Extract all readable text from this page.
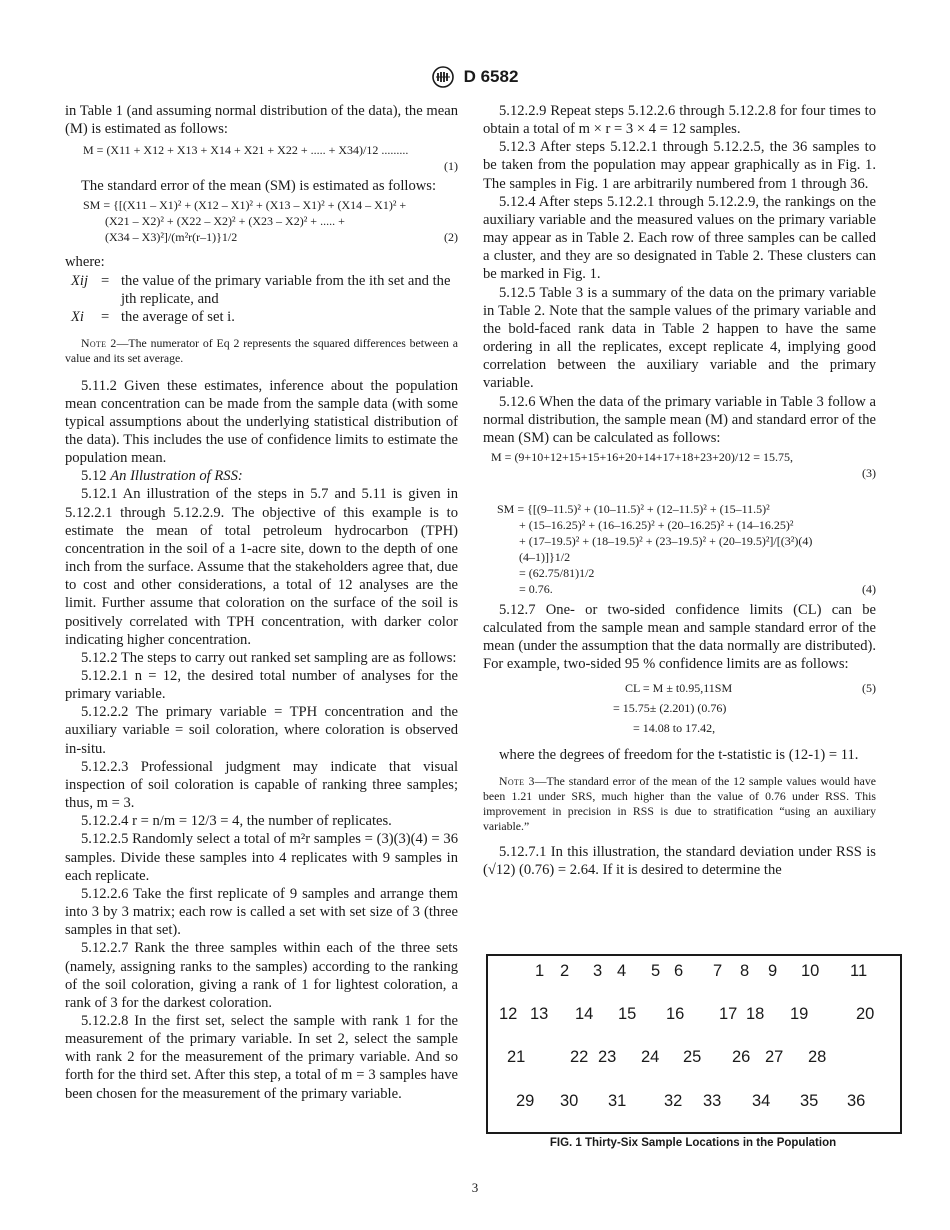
D 6582

in Table 1 (and assuming normal distribution of the data), the mean (M) is estimated as follows:

M = (X11 + X12 + X13 + X14 + X21 + X22 + ..... + X34)/12 .........
(1)

The standard error of the mean (SM) is estimated as follows:

SM = {[(X11 – X1)² + (X12 – X1)² + (X13 – X1)² + (X14 – X1)² +
(X21 – X2)² + (X22 – X2)² + (X23 – X2)² + ..... +
(X34 – X3)²]/(m²r(r–1)}1/2	(2)

where:

Xij = the value of the primary variable from the ith set and the jth replicate, and
Xi = the average of set i.

Note 2—The numerator of Eq 2 represents the squared differences between a value and its set average.

5.11.2 Given these estimates, inference about the population mean concentration can be made from the sample data (with some typical assumptions about the underlying statistical distribution of the data). This includes the use of confidence limits to estimate the population mean.

5.12 An Illustration of RSS:

5.12.1 An illustration of the steps in 5.7 and 5.11 is given in 5.12.2.1 through 5.12.2.9. The objective of this example is to estimate the mean of total petroleum hydrocarbon (TPH) concentration in the soil of a 1-acre site, down to the depth of one inch from the surface. Assume that the stakeholders agree that, due to cost and other considerations, a total of 12 analyses are the limit. Further assume that coloration on the surface of the soil is positively correlated with TPH concentration, with darker color indicating higher concentration.

5.12.2 The steps to carry out ranked set sampling are as follows:

5.12.2.1 n = 12, the desired total number of analyses for the primary variable.

5.12.2.2 The primary variable = TPH concentration and the auxiliary variable = soil coloration, where coloration is observed in-situ.

5.12.2.3 Professional judgment may indicate that visual inspection of soil coloration is capable of ranking three samples; thus, m = 3.

5.12.2.4 r = n/m = 12/3 = 4, the number of replicates.

5.12.2.5 Randomly select a total of m²r samples = (3)(3)(4) = 36 samples. Divide these samples into 4 replicates with 9 samples in each replicate.

5.12.2.6 Take the first replicate of 9 samples and arrange them into 3 by 3 matrix; each row is called a set with set size of 3 (three samples in that set).

5.12.2.7 Rank the three samples within each of the three sets (namely, assigning ranks to the samples) according to the ranking of the soil coloration, giving a rank of 1 for lightest coloration, a rank of 3 for the darkest coloration.

5.12.2.8 In the first set, select the sample with rank 1 for the measurement of the primary variable. In set 2, select the sample with rank 2 for the measurement of the primary variable. And so forth for the third set. After this step, a total of m = 3 samples have been chosen for the measurement of the primary variable.

5.12.2.9 Repeat steps 5.12.2.6 through 5.12.2.8 for four times to obtain a total of m × r = 3 × 4 = 12 samples.

5.12.3 After steps 5.12.2.1 through 5.12.2.5, the 36 samples to be taken from the population may appear graphically as in Fig. 1. The samples in Fig. 1 are arbitrarily numbered from 1 through 36.

5.12.4 After steps 5.12.2.1 through 5.12.2.9, the rankings on the auxiliary variable and the measured values on the primary variable may appear as in Table 2. Each row of three samples can be called a cluster, and they are so designated in Table 2. These clusters can be marked in Fig. 1.

5.12.5 Table 3 is a summary of the data on the primary variable in Table 2. Note that the sample values of the primary variable and the bold-faced rank data in Table 2 happen to have the same ordering in all the replicates, except replicate 4, implying good correlation between the auxiliary variable and the primary variable.

5.12.6 When the data of the primary variable in Table 3 follow a normal distribution, the sample mean (M) and standard error of the mean (SM) can be calculated as follows:

M = (9+10+12+15+15+16+20+14+17+18+23+20)/12 = 15.75,
(3)
SM = {[(9–11.5)² + (10–11.5)² + (12–11.5)² + (15–11.5)²
+ (15–16.25)² + (16–16.25)² + (20–16.25)² + (14–16.25)²
+ (17–19.5)² + (18–19.5)² + (23–19.5)² + (20–19.5)²]/[(3²)(4)
(4–1)]}1/2
= (62.75/81)1/2
= 0.76.	(4)

5.12.7 One- or two-sided confidence limits (CL) can be calculated from the sample mean and sample standard error of the mean (under the assumption that the data normally are distributed). For example, two-sided 95 % confidence limits are as follows:

CL = M ± t0.95,11SM	(5)
= 15.75± (2.201) (0.76)
= 14.08 to 17.42,

where the degrees of freedom for the t-statistic is (12-1) = 11.

Note 3—The standard error of the mean of the 12 sample values would have been 1.21 under SRS, much higher than the value of 0.76 under RSS. This improvement in precision in RSS is due to stratification “using an auxiliary variable.”

5.12.7.1 In this illustration, the standard deviation under RSS is (√12) (0.76) = 2.64. If it is desired to determine the

1 2 3 4 5 6 7 8 9 10 11
12 13 14 15 16 17 18 19	20
21	22 23 24 25 26 27 28
29 30 31 32 33 34 35 36
FIG. 1 Thirty-Six Sample Locations in the Population
3
